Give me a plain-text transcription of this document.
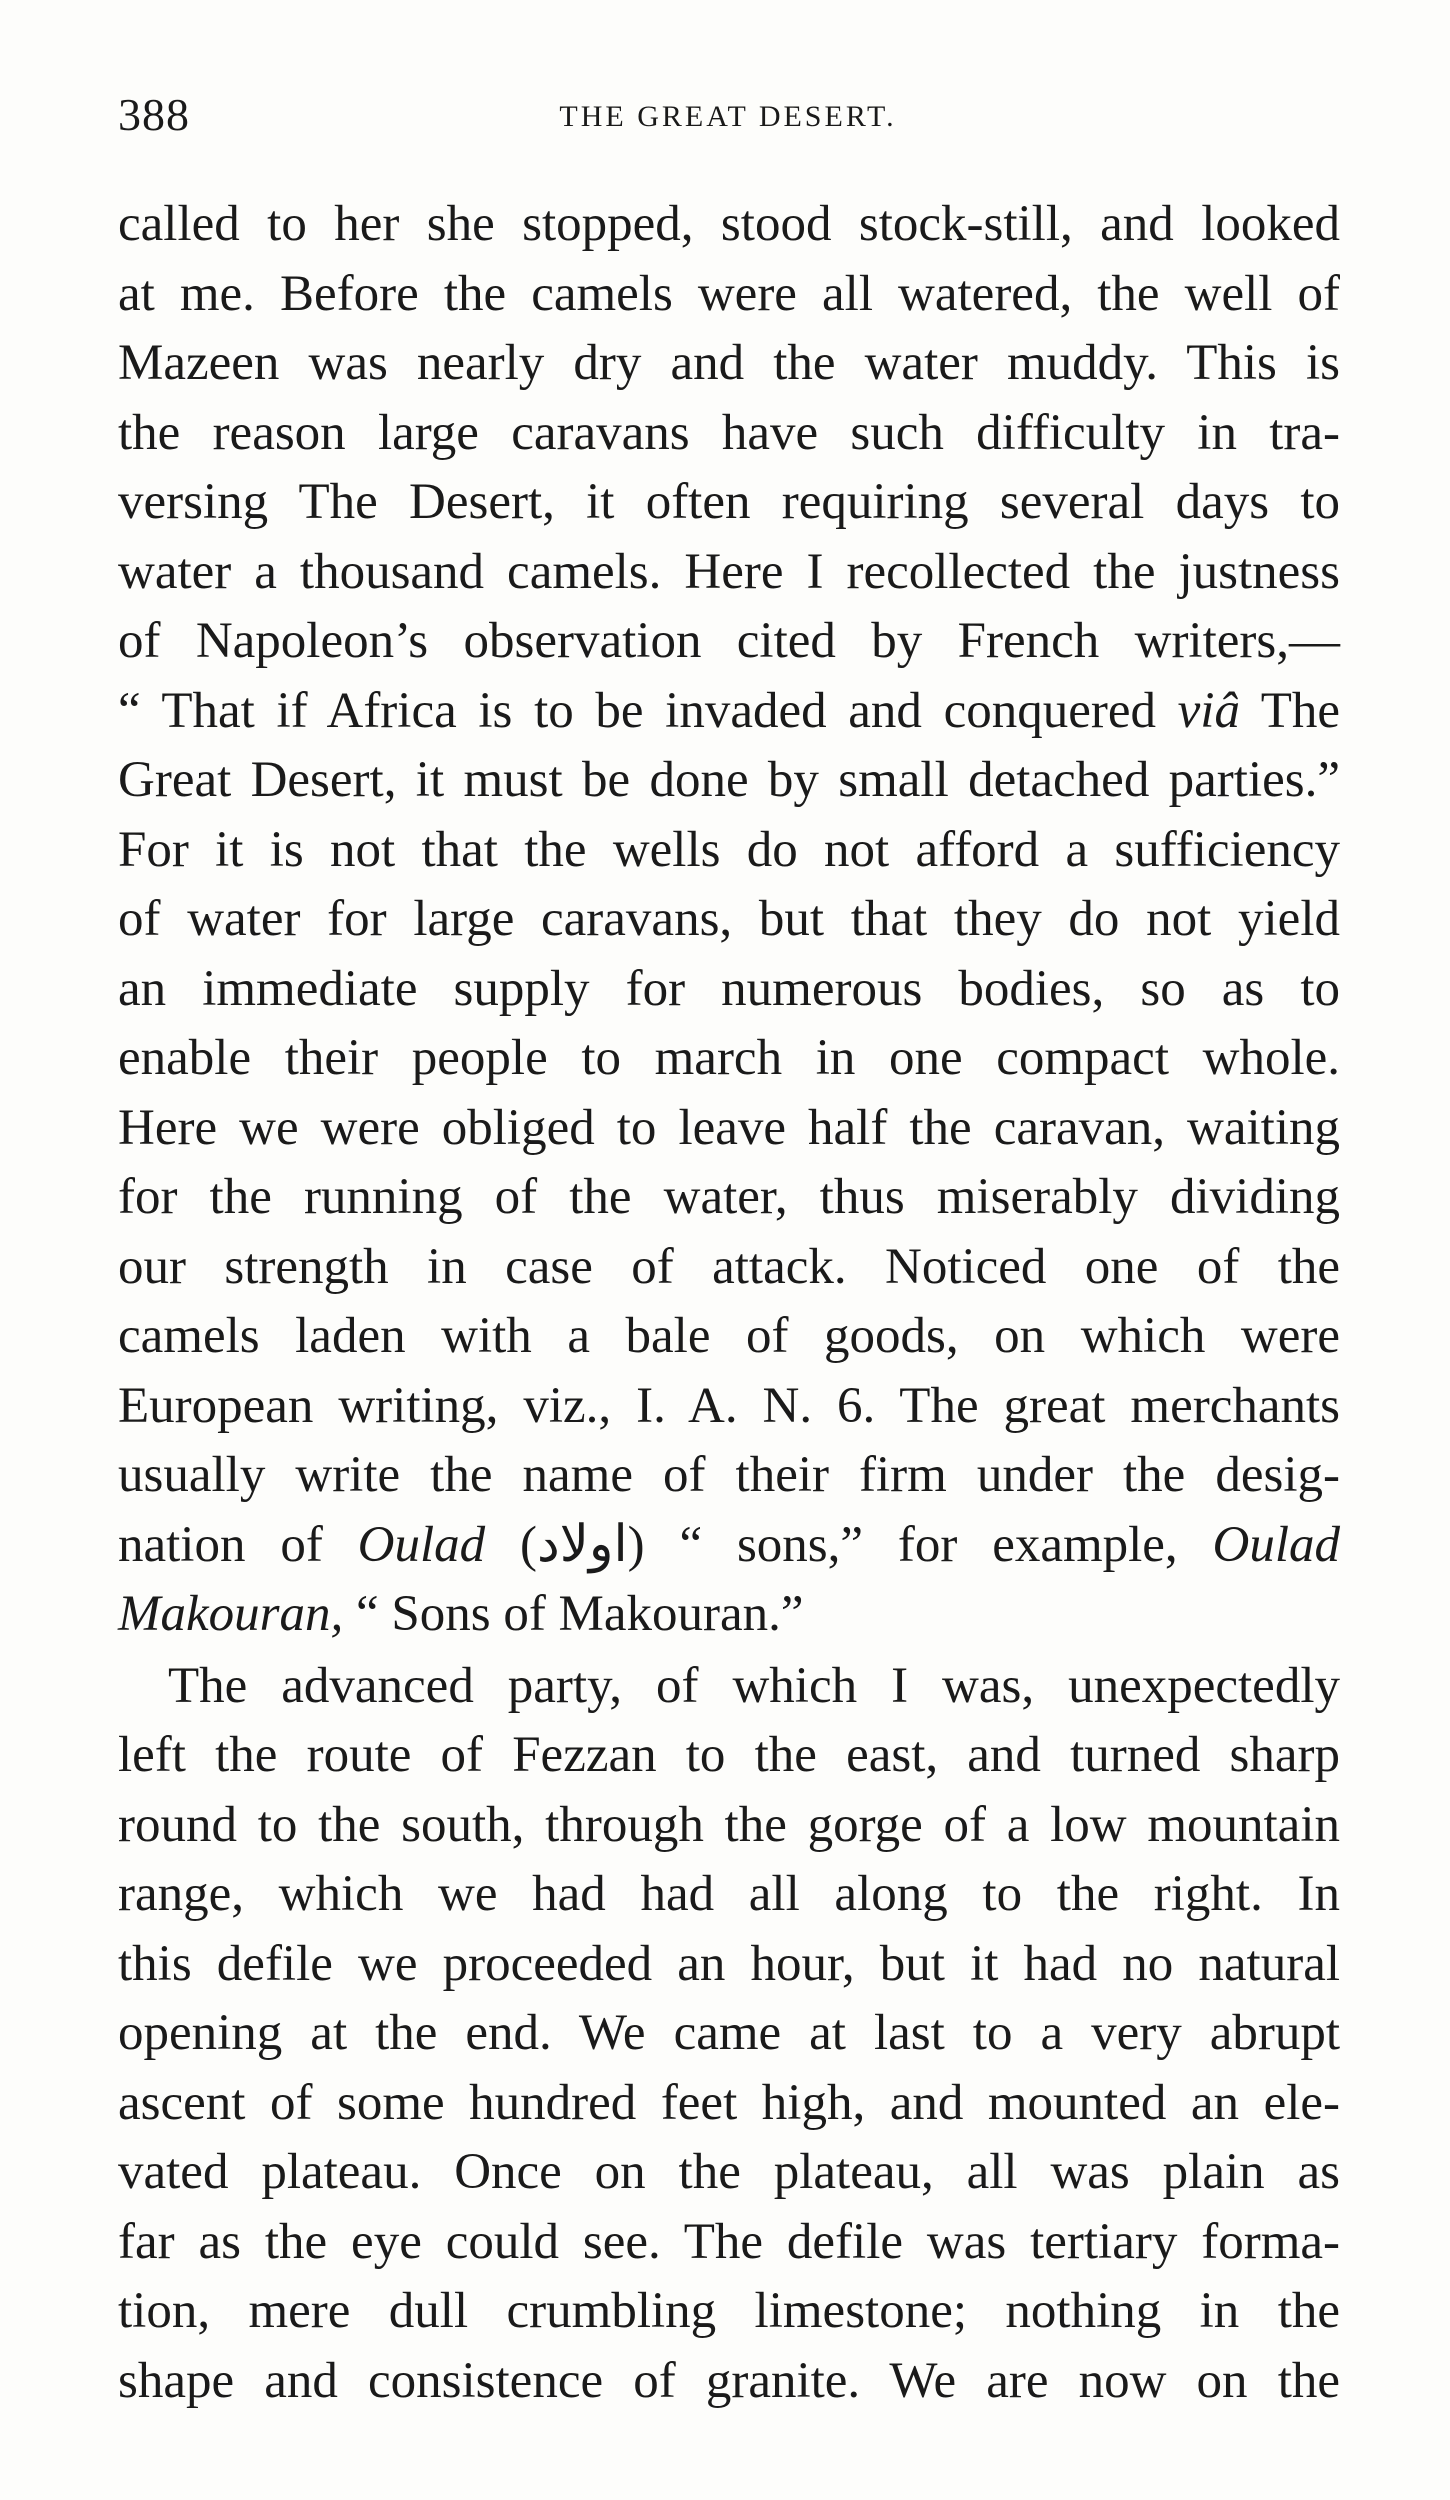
388	THE GREAT DESERT.
called to her she stopped, stood stock-still, and looked
at me. Before the camels were all watered, the well of
Mazeen was nearly dry and the water muddy. This is
the reason large caravans have such difficulty in tra-
versing The Desert, it often requiring several days to
water a thousand camels. Here I recollected the justness
of Napoleon’s observation cited by French writers,—
“ That if Africa is to be invaded and conquered viâ The
Great Desert, it must be done by small detached parties.”
For it is not that the wells do not afford a sufficiency
of water for large caravans, but that they do not yield
an immediate supply for numerous bodies, so as to
enable their people to march in one compact whole.
Here we were obliged to leave half the caravan, waiting
for the running of the water, thus miserably dividing
our strength in case of attack. Noticed one of the
camels laden with a bale of goods, on which were
European writing, viz., I. A. N. 6. The great merchants
usually write the name of their firm under the desig-
nation of Oulad (اولاد) “ sons,” for example, Oulad
Makouran, “ Sons of Makouran.”
The advanced party, of which I was, unexpectedly
left the route of Fezzan to the east, and turned sharp
round to the south, through the gorge of a low mountain
range, which we had had all along to the right. In
this defile we proceeded an hour, but it had no natural
opening at the end. We came at last to a very abrupt
ascent of some hundred feet high, and mounted an ele-
vated plateau. Once on the plateau, all was plain as
far as the eye could see. The defile was tertiary forma-
tion, mere dull crumbling limestone; nothing in the
shape and consistence of granite. We are now on the
